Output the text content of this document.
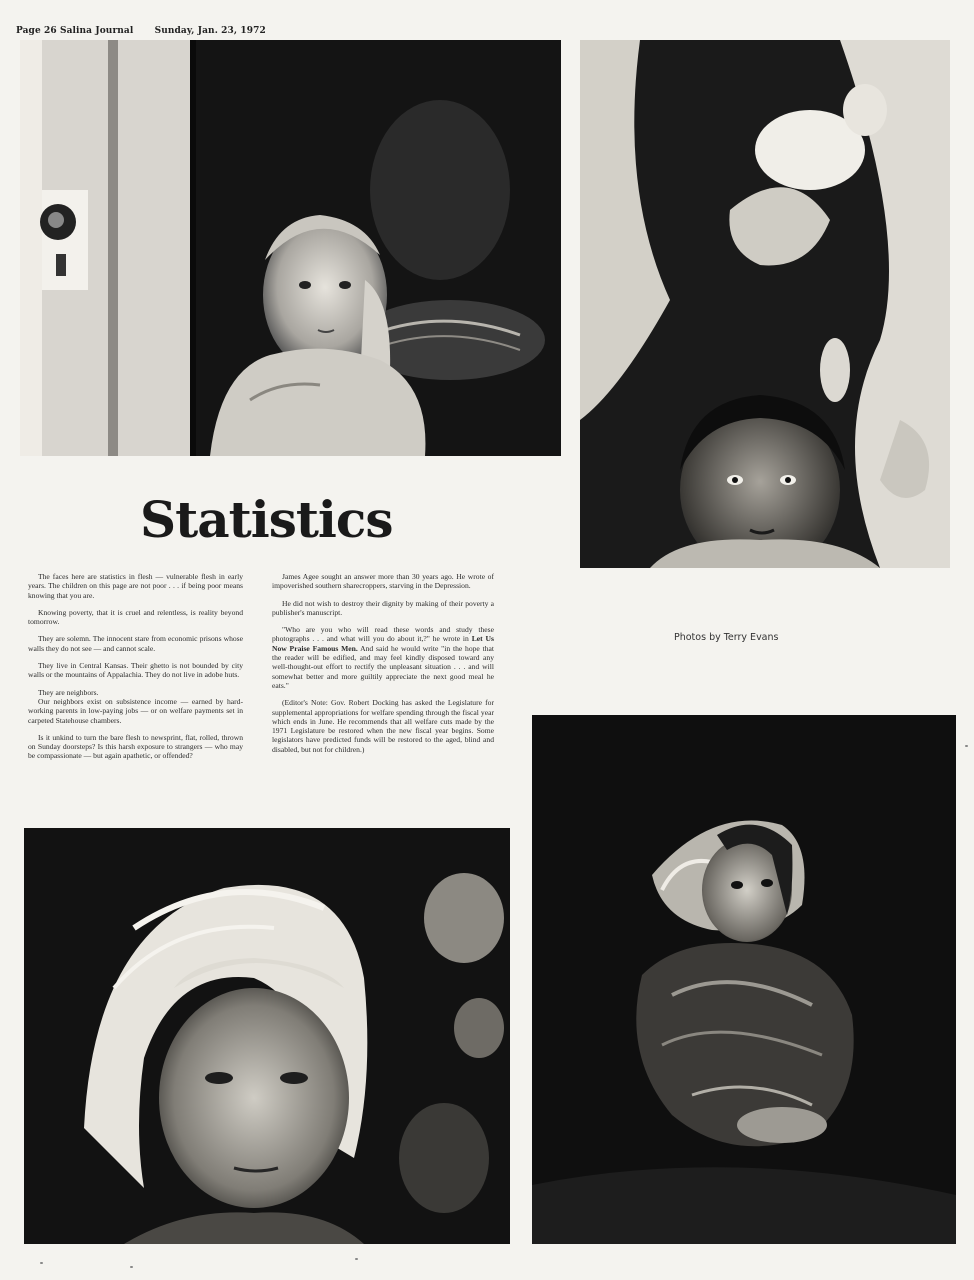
Page 26 Salina Journal Sunday, Jan. 23, 1972
Statistics

The faces here are statistics in flesh — vulnerable flesh in early years. The children on this page are not poor . . . if being poor means knowing that you are.

Knowing poverty, that it is cruel and relentless, is reality beyond tomorrow.

They are solemn. The innocent stare from economic prisons whose walls they do not see — and cannot scale.

They live in Central Kansas. Their ghetto is not bounded by city walls or the mountains of Appalachia. They do not live in adobe huts.

They are neighbors.

Our neighbors exist on subsistence income — earned by hard-working parents in low-paying jobs — or on welfare payments set in carpeted Statehouse chambers.

Is it unkind to turn the bare flesh to newsprint, flat, rolled, thrown on Sunday doorsteps? Is this harsh exposure to strangers — who may be compassionate — but again apathetic, or offended?

James Agee sought an answer more than 30 years ago. He wrote of impoverished southern sharecroppers, starving in the Depression.

He did not wish to destroy their dignity by making of their poverty a publisher's manuscript.

"Who are you who will read these words and study these photographs . . . and what will you do about it,?" he wrote in Let Us Now Praise Famous Men. And said he would write "in the hope that the reader will be edified, and may feel kindly disposed toward any well-thought-out effort to rectify the unpleasant situation . . . and will somewhat better and more guiltily appreciate the next good meal he eats."

(Editor's Note: Gov. Robert Docking has asked the Legislature for supplemental appropriations for welfare spending through the fiscal year which ends in June. He recommends that all welfare cuts made by the 1971 Legislature be restored when the new fiscal year begins. Some legislators have predicted funds will be restored to the aged, blind and disabled, but not for children.)

Photos by Terry Evans
